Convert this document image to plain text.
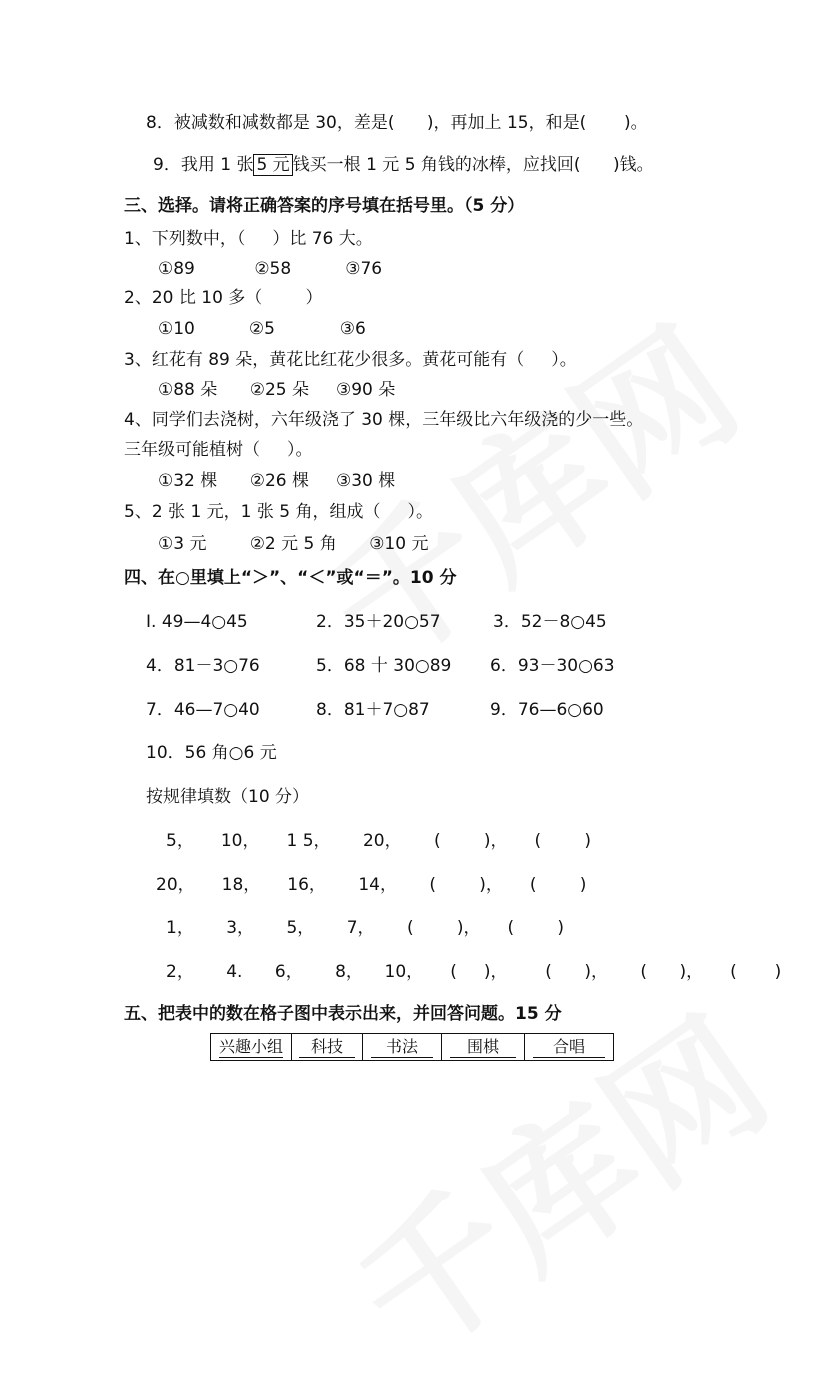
8．被减数和减数都是 30，差是(      )，再加上 15，和是(       )。
9．我用 1 张 5 元 钱买一根 1 元 5 角钱的冰棒，应找回(      )钱。
三、选择。请将正确答案的序号填在括号里。（5 分）
1、下列数中，（     ）比 76 大。
①89           ②58          ③76
2、20 比 10 多（        ）
①10          ②5            ③6
3、红花有 89 朵，黄花比红花少很多。黄花可能有（     ）。
①88 朵      ②25 朵     ③90 朵
4、同学们去浇树，六年级浇了 30 棵，三年级比六年级浇的少一些。
三年级可能植树（     ）。
①32 棵      ②26 棵     ③30 棵
5、2 张 1 元，1 张 5 角，组成（     ）。
①3 元        ②2 元 5 角      ③10 元
四、在○里填上“＞”、“＜”或“＝”。10 分
Ⅰ. 49—4○45	2．35＋20○57	3．52－8○45
4．81－3○76	5．68 十 30○89 6．93－30○63
7．46—7○40	8．81＋7○87	9．76—6○60
10．56 角○6 元
按规律填数（10 分）
5，     10，     1 5，      20，      (        )，     (        )
20，     18，     16，      14，      (        )，     (        )
1，      3，      5，      7，      (        )，     (        )
2，      4.      6，      8，    10，     (     )，       (      )，      (      )，     (       )
五、把表中的数在格子图中表示出来，并回答问题。15 分
兴趣小组	科技	书法	围棋	合唱
